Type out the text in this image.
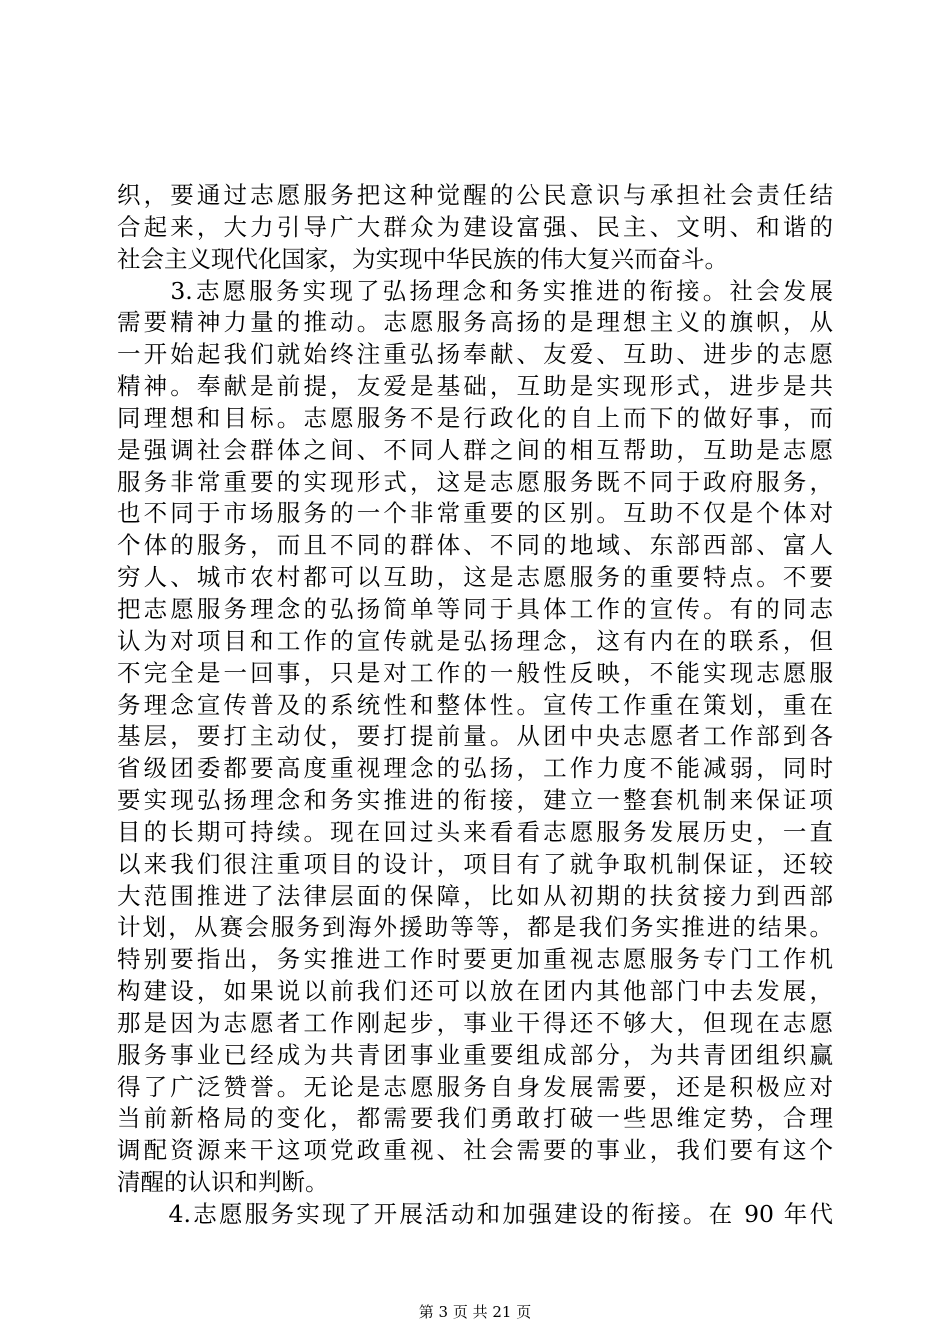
织，要通过志愿服务把这种觉醒的公民意识与承担社会责任结
合起来，大力引导广大群众为建设富强、民主、文明、和谐的
社会主义现代化国家，为实现中华民族的伟大复兴而奋斗。
　　3.志愿服务实现了弘扬理念和务实推进的衔接。社会发展
需要精神力量的推动。志愿服务高扬的是理想主义的旗帜，从
一开始起我们就始终注重弘扬奉献、友爱、互助、进步的志愿
精神。奉献是前提，友爱是基础，互助是实现形式，进步是共
同理想和目标。志愿服务不是行政化的自上而下的做好事，而
是强调社会群体之间、不同人群之间的相互帮助，互助是志愿
服务非常重要的实现形式，这是志愿服务既不同于政府服务，
也不同于市场服务的一个非常重要的区别。互助不仅是个体对
个体的服务，而且不同的群体、不同的地域、东部西部、富人
穷人、城市农村都可以互助，这是志愿服务的重要特点。不要
把志愿服务理念的弘扬简单等同于具体工作的宣传。有的同志
认为对项目和工作的宣传就是弘扬理念，这有内在的联系，但
不完全是一回事，只是对工作的一般性反映，不能实现志愿服
务理念宣传普及的系统性和整体性。宣传工作重在策划，重在
基层，要打主动仗，要打提前量。从团中央志愿者工作部到各
省级团委都要高度重视理念的弘扬，工作力度不能减弱，同时
要实现弘扬理念和务实推进的衔接，建立一整套机制来保证项
目的长期可持续。现在回过头来看看志愿服务发展历史，一直
以来我们很注重项目的设计，项目有了就争取机制保证，还较
大范围推进了法律层面的保障，比如从初期的扶贫接力到西部
计划，从赛会服务到海外援助等等，都是我们务实推进的结果。
特别要指出，务实推进工作时要更加重视志愿服务专门工作机
构建设，如果说以前我们还可以放在团内其他部门中去发展，
那是因为志愿者工作刚起步，事业干得还不够大，但现在志愿
服务事业已经成为共青团事业重要组成部分，为共青团组织赢
得了广泛赞誉。无论是志愿服务自身发展需要，还是积极应对
当前新格局的变化，都需要我们勇敢打破一些思维定势，合理
调配资源来干这项党政重视、社会需要的事业，我们要有这个
清醒的认识和判断。
　　4.志愿服务实现了开展活动和加强建设的衔接。在 90 年代
第 3 页 共 21 页
